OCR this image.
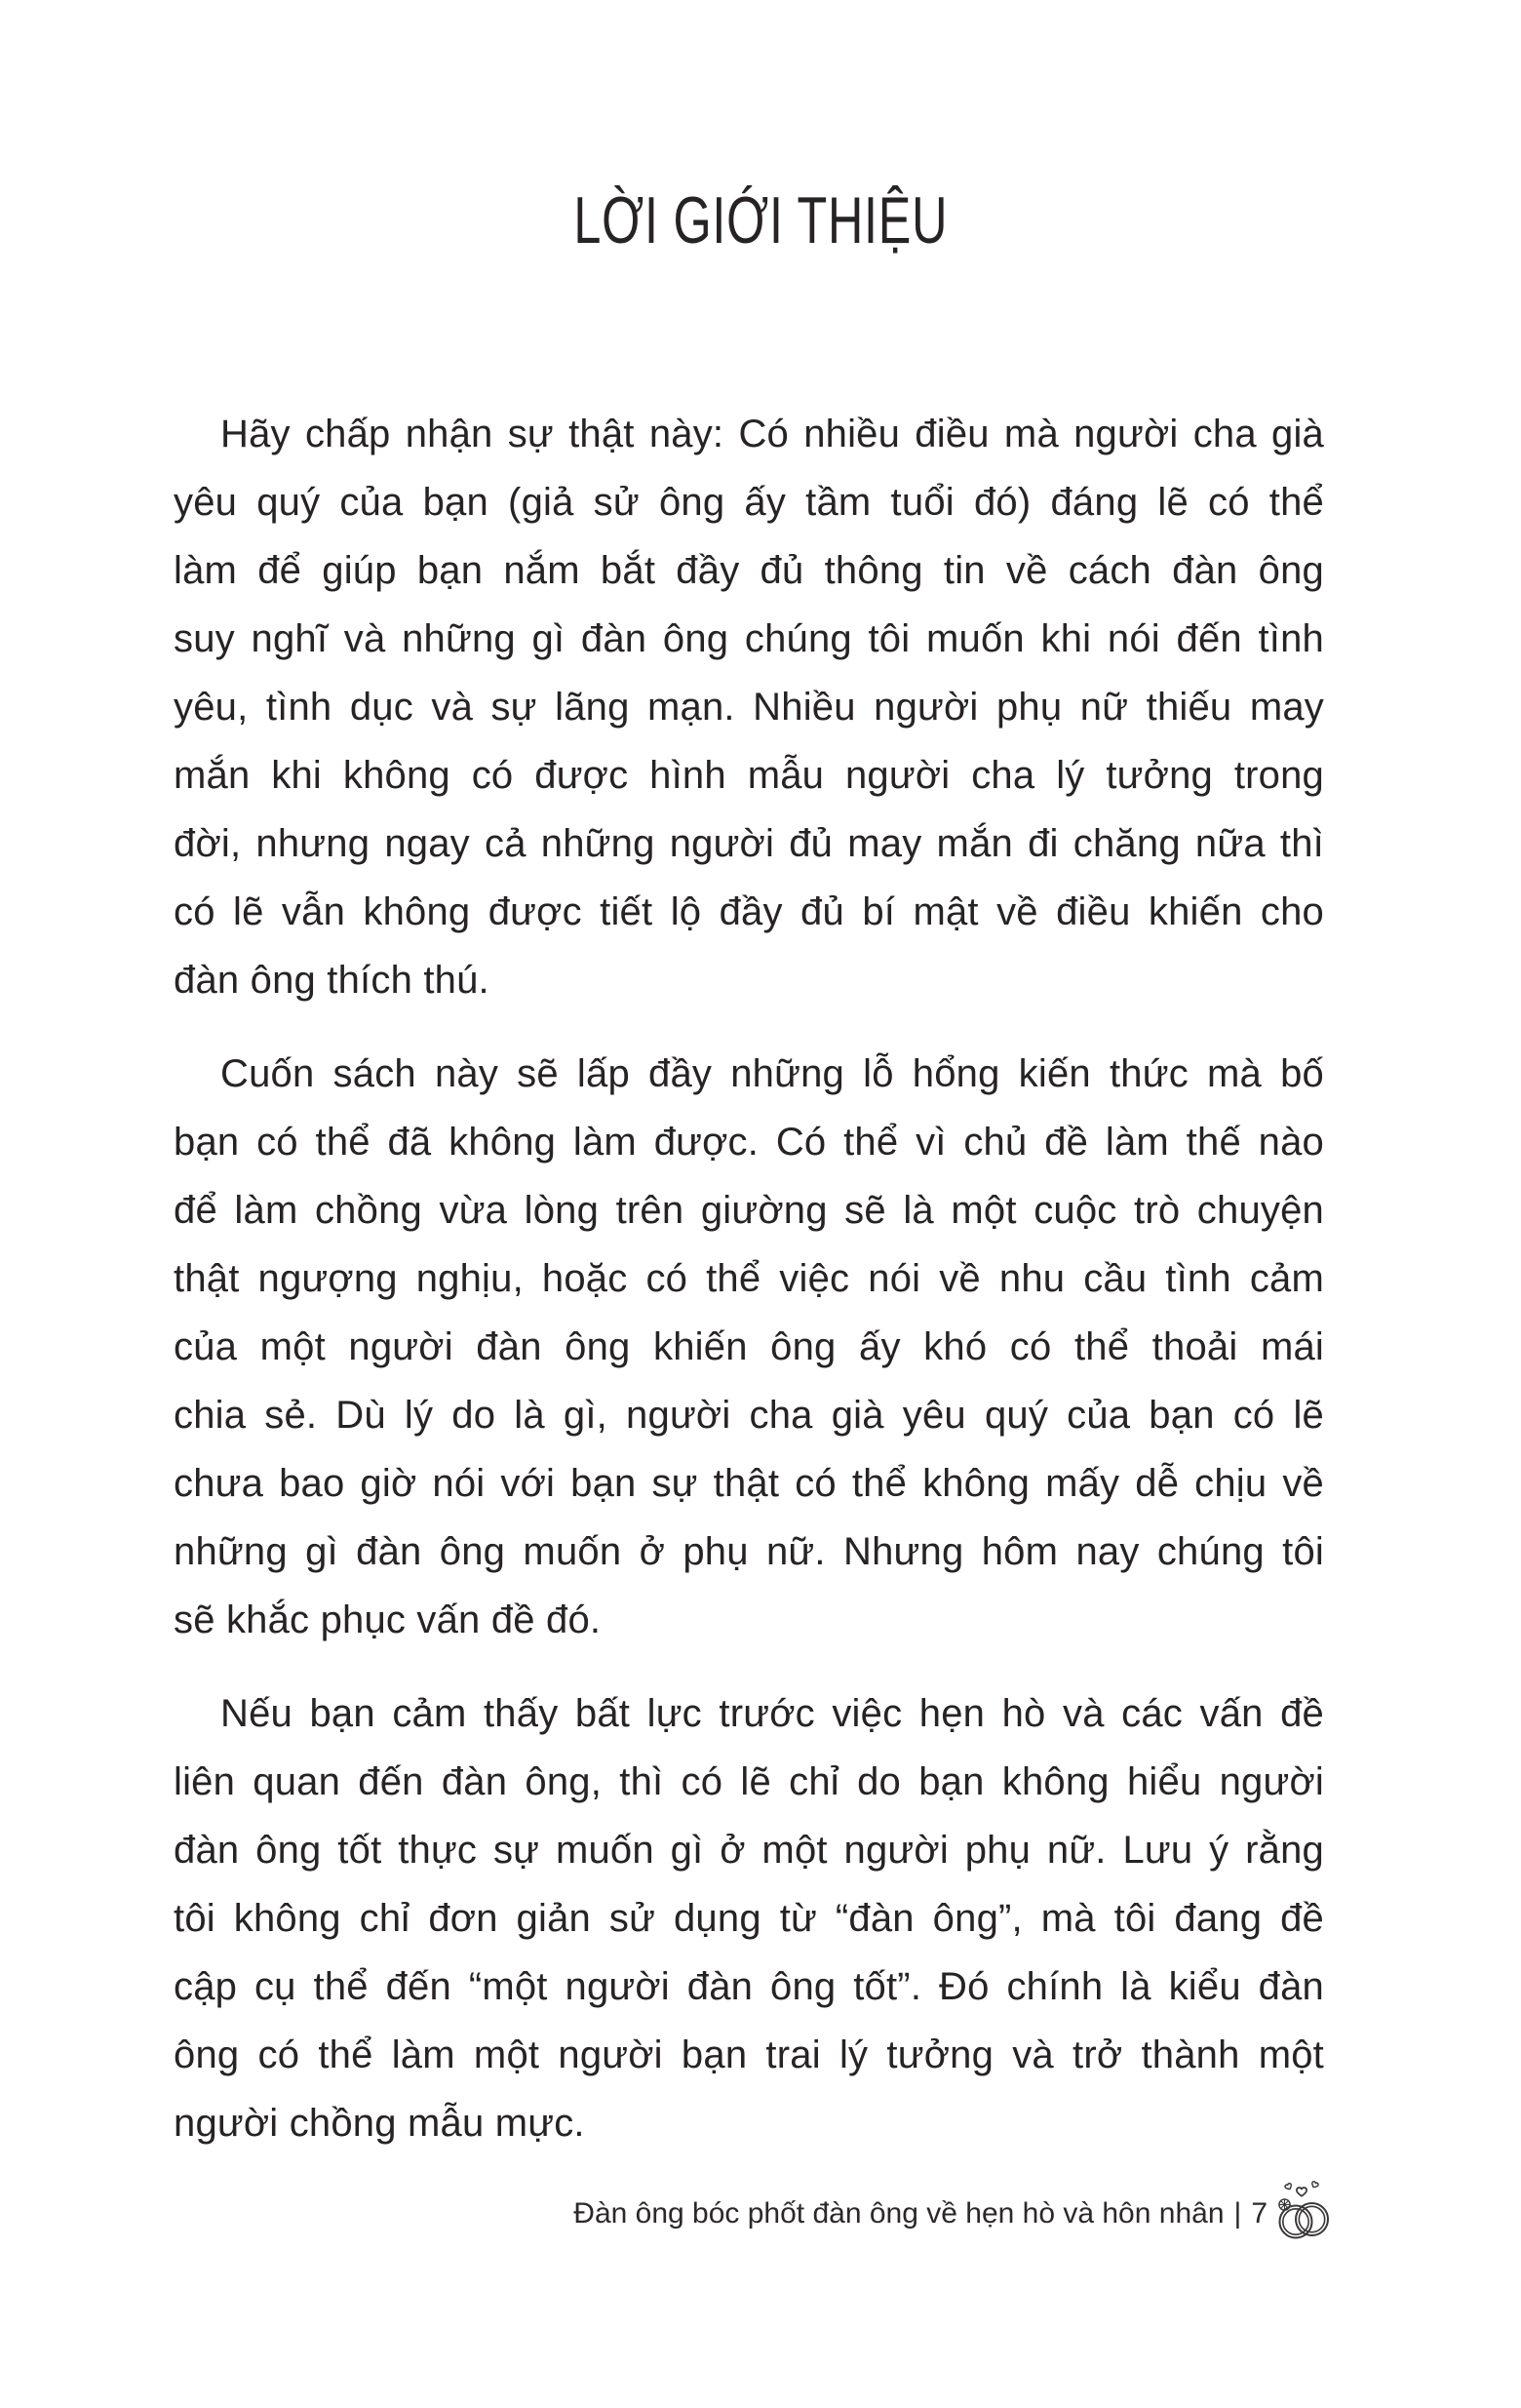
LỜI GIỚI THIỆU
Hãy chấp nhận sự thật này: Có nhiều điều mà người cha già
yêu quý của bạn (giả sử ông ấy tầm tuổi đó) đáng lẽ có thể
làm để giúp bạn nắm bắt đầy đủ thông tin về cách đàn ông
suy nghĩ và những gì đàn ông chúng tôi muốn khi nói đến tình
yêu, tình dục và sự lãng mạn. Nhiều người phụ nữ thiếu may
mắn khi không có được hình mẫu người cha lý tưởng trong
đời, nhưng ngay cả những người đủ may mắn đi chăng nữa thì
có lẽ vẫn không được tiết lộ đầy đủ bí mật về điều khiến cho
đàn ông thích thú.
Cuốn sách này sẽ lấp đầy những lỗ hổng kiến thức mà bố
bạn có thể đã không làm được. Có thể vì chủ đề làm thế nào
để làm chồng vừa lòng trên giường sẽ là một cuộc trò chuyện
thật ngượng nghịu, hoặc có thể việc nói về nhu cầu tình cảm
của một người đàn ông khiến ông ấy khó có thể thoải mái
chia sẻ. Dù lý do là gì, người cha già yêu quý của bạn có lẽ
chưa bao giờ nói với bạn sự thật có thể không mấy dễ chịu về
những gì đàn ông muốn ở phụ nữ. Nhưng hôm nay chúng tôi
sẽ khắc phục vấn đề đó.
Nếu bạn cảm thấy bất lực trước việc hẹn hò và các vấn đề
liên quan đến đàn ông, thì có lẽ chỉ do bạn không hiểu người
đàn ông tốt thực sự muốn gì ở một người phụ nữ. Lưu ý rằng
tôi không chỉ đơn giản sử dụng từ “đàn ông”, mà tôi đang đề
cập cụ thể đến “một người đàn ông tốt”. Đó chính là kiểu đàn
ông có thể làm một người bạn trai lý tưởng và trở thành một
người chồng mẫu mực.
Đàn ông bóc phốt đàn ông về hẹn hò và hôn nhân | 7
